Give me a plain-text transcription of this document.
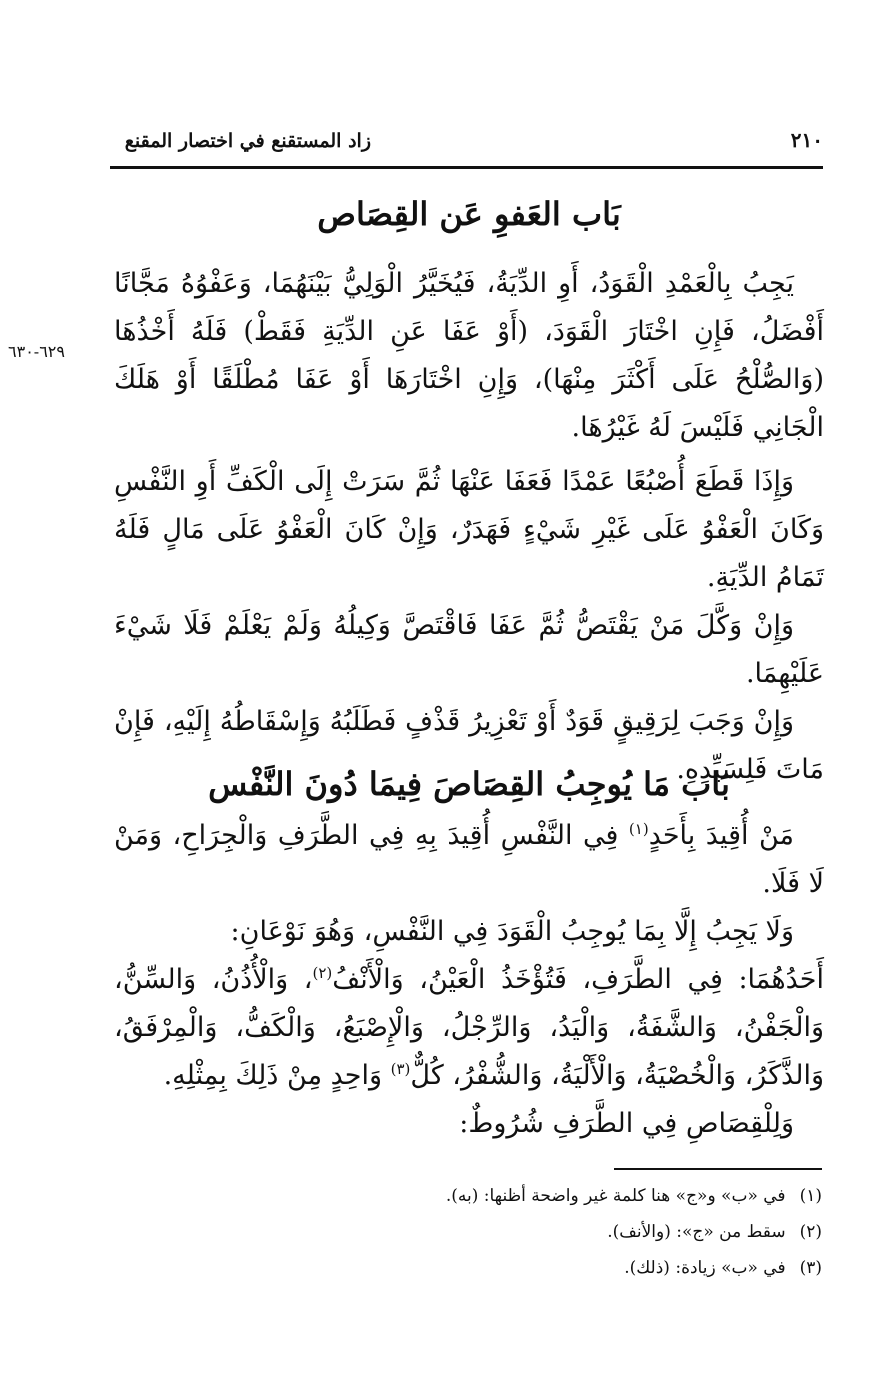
٢١٠
زاد المستقنع في اختصار المقنع
٦٢٩-٦٣٠
بَاب العَفوِ عَن القِصَاص

يَجِبُ بِالْعَمْدِ الْقَوَدُ، أَوِ الدِّيَةُ، فَيُخَيَّرُ الْوَلِيُّ بَيْنَهُمَا، وَعَفْوُهُ مَجَّانًا أَفْضَلُ، فَإِنِ اخْتَارَ الْقَوَدَ، (أَوْ عَفَا عَنِ الدِّيَةِ فَقَطْ) فَلَهُ أَخْذُهَا (وَالصُّلْحُ عَلَى أَكْثَرَ مِنْهَا)، وَإِنِ اخْتَارَهَا أَوْ عَفَا مُطْلَقًا أَوْ هَلَكَ الْجَانِي فَلَيْسَ لَهُ غَيْرُهَا.

وَإِذَا قَطَعَ أُصْبُعًا عَمْدًا فَعَفَا عَنْهَا ثُمَّ سَرَتْ إِلَى الْكَفِّ أَوِ النَّفْسِ وَكَانَ الْعَفْوُ عَلَى غَيْرِ شَيْءٍ فَهَدَرٌ، وَإِنْ كَانَ الْعَفْوُ عَلَى مَالٍ فَلَهُ تَمَامُ الدِّيَةِ.

وَإِنْ وَكَّلَ مَنْ يَقْتَصُّ ثُمَّ عَفَا فَاقْتَصَّ وَكِيلُهُ وَلَمْ يَعْلَمْ فَلَا شَيْءَ عَلَيْهِمَا.

وَإِنْ وَجَبَ لِرَقِيقٍ قَوَدٌ أَوْ تَعْزِيرُ قَذْفٍ فَطَلَبُهُ وَإِسْقَاطُهُ إِلَيْهِ، فَإِنْ مَاتَ فَلِسَيِّدِهِ.

بَاب مَا يُوجِبُ القِصَاصَ فِيمَا دُونَ النَّفْس

مَنْ أُقِيدَ بِأَحَدٍ$^{(١)}$ فِي النَّفْسِ أُقِيدَ بِهِ فِي الطَّرَفِ وَالْجِرَاحِ، وَمَنْ لَا فَلَا.

وَلَا يَجِبُ إِلَّا بِمَا يُوجِبُ الْقَوَدَ فِي النَّفْسِ، وَهُوَ نَوْعَانِ:

أَحَدُهُمَا: فِي الطَّرَفِ، فَتُؤْخَذُ الْعَيْنُ، وَالْأَنْفُ$^{(٢)}$، وَالْأُذُنُ، وَالسِّنُّ، وَالْجَفْنُ، وَالشَّفَةُ، وَالْيَدُ، وَالرِّجْلُ، وَالْإِصْبَعُ، وَالْكَفُّ، وَالْمِرْفَقُ، وَالذَّكَرُ، وَالْخُصْيَةُ، وَالْأَلْيَةُ، وَالشُّفْرُ، كُلٌّ$^{(٣)}$ وَاحِدٍ مِنْ ذَلِكَ بِمِثْلِهِ.

وَلِلْقِصَاصِ فِي الطَّرَفِ شُرُوطٌ:

(١)في «ب» و«ج» هنا كلمة غير واضحة أظنها: (به).

(٢)سقط من «ج»: (والأنف).

(٣)في «ب» زيادة: (ذلك).
